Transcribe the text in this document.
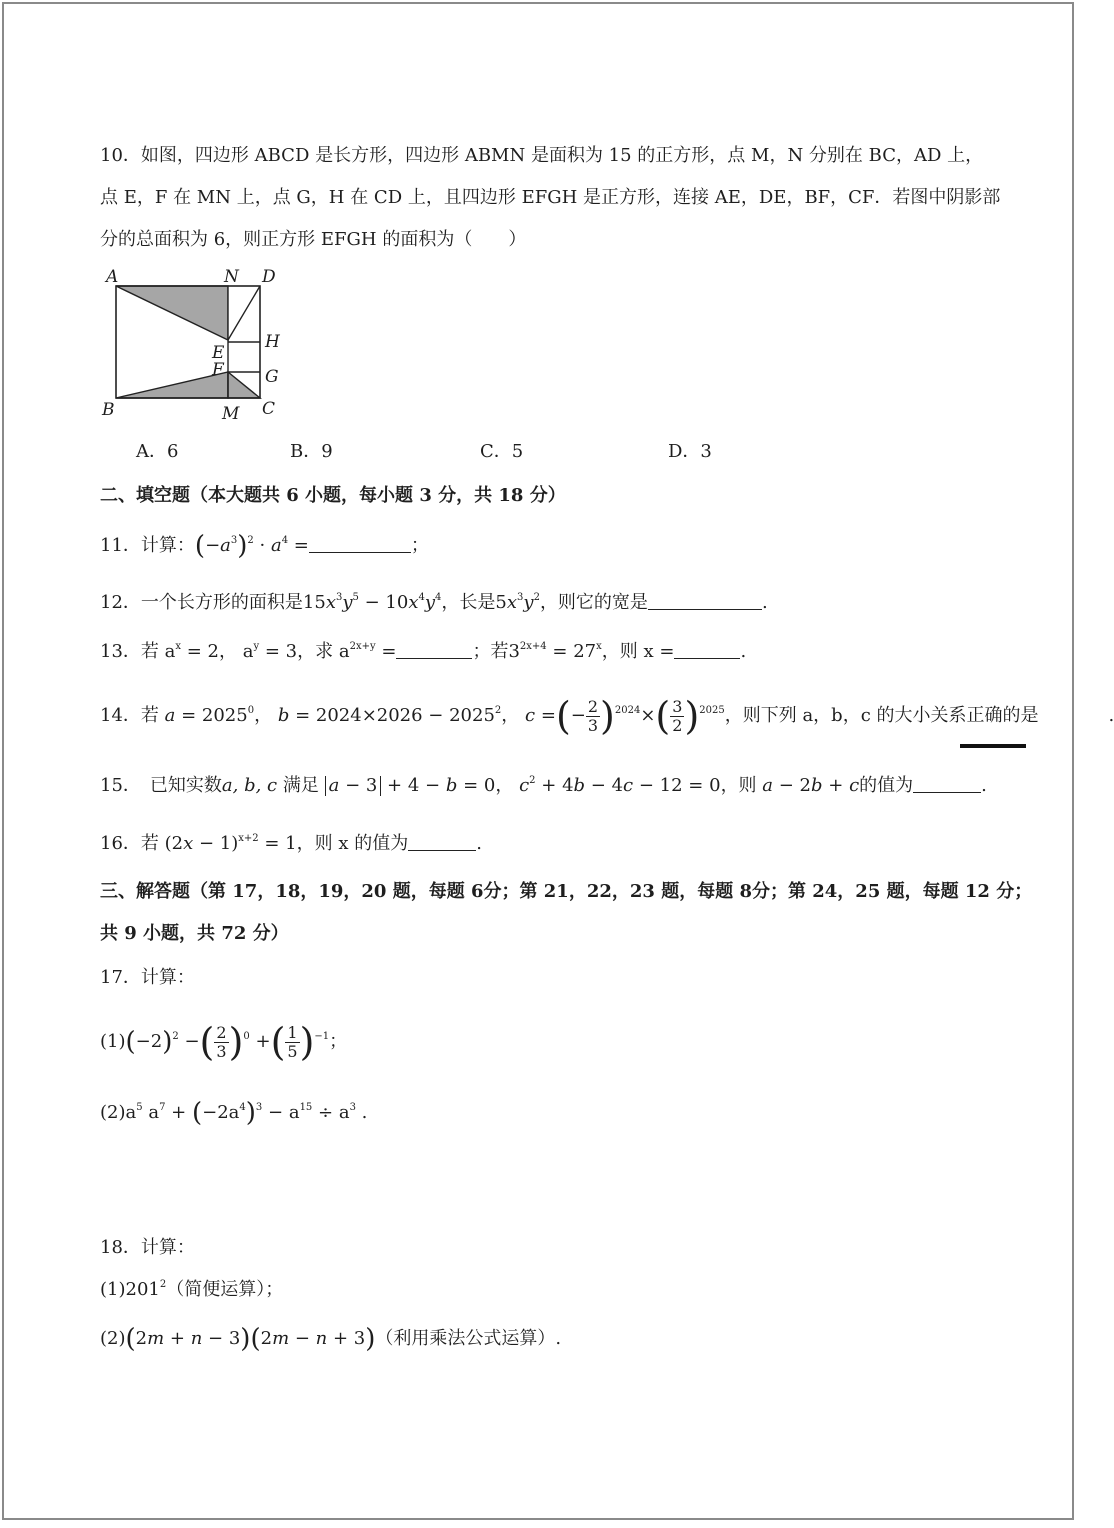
10．如图，四边形 ABCD 是长方形，四边形 ABMN 是面积为 15 的正方形，点 M，N 分别在 BC，AD 上，
点 E，F 在 MN 上，点 G，H 在 CD 上，且四边形 EFGH 是正方形，连接 AE，DE，BF，CF．若图中阴影部
分的总面积为 6，则正方形 EFGH 的面积为（　　）
A	N D
H
E
F G
B	M C
A．6	B．9	C．5	D．3
二、填空题（本大题共 6 小题，每小题 3 分，共 18 分）
11．计算：$(-a^3)^2 \cdot a^4$ =	；
12．一个长方形的面积是$15x^3y^5 - 10x^4y^4$，长是$5x^3y^2$，则它的宽是	.
13．若 $a^x = 2$， $a^y = 3$，求 $a^{2x+y}$ =	；若$3^{2x+4} = 27^x$，则 x =	.
14．若 $a = 2025^0$， $b = 2024\times 2026 - 2025^2$， c =(− $\frac{2}{3} )^{2024}\times( \frac{3}{2} )^{2025}$，则下列 a，b，c 的大小关系正确的是	.
15．　已知实数a, b, c 满足 a − 3 + 4 − b = 0， $c^2 + 4b - 4c - 12 = 0$，则 a − 2b + c的值为	.
16．若 $(2x - 1)^{x+2} = 1$，则 x 的值为	.
三、解答题（第 17，18，19，20 题，每题 6分；第 21，22，23 题，每题 8分；第 24，25 题，每题 12 分；
共 9 小题，共 72 分）
17．计算：
$(1)(-2)^2$ −( $\frac{2}{3} )^0$ +( $\frac{1}{5} )^{-1}$；
$(2)a^5$ $a^7 + (-2a^4)^3 - a^{15} \div a^3$ .
18．计算：
$(1)201^2$（简便运算）；
(2)(2m + n − 3)(2m − n + 3)（利用乘法公式运算）.
